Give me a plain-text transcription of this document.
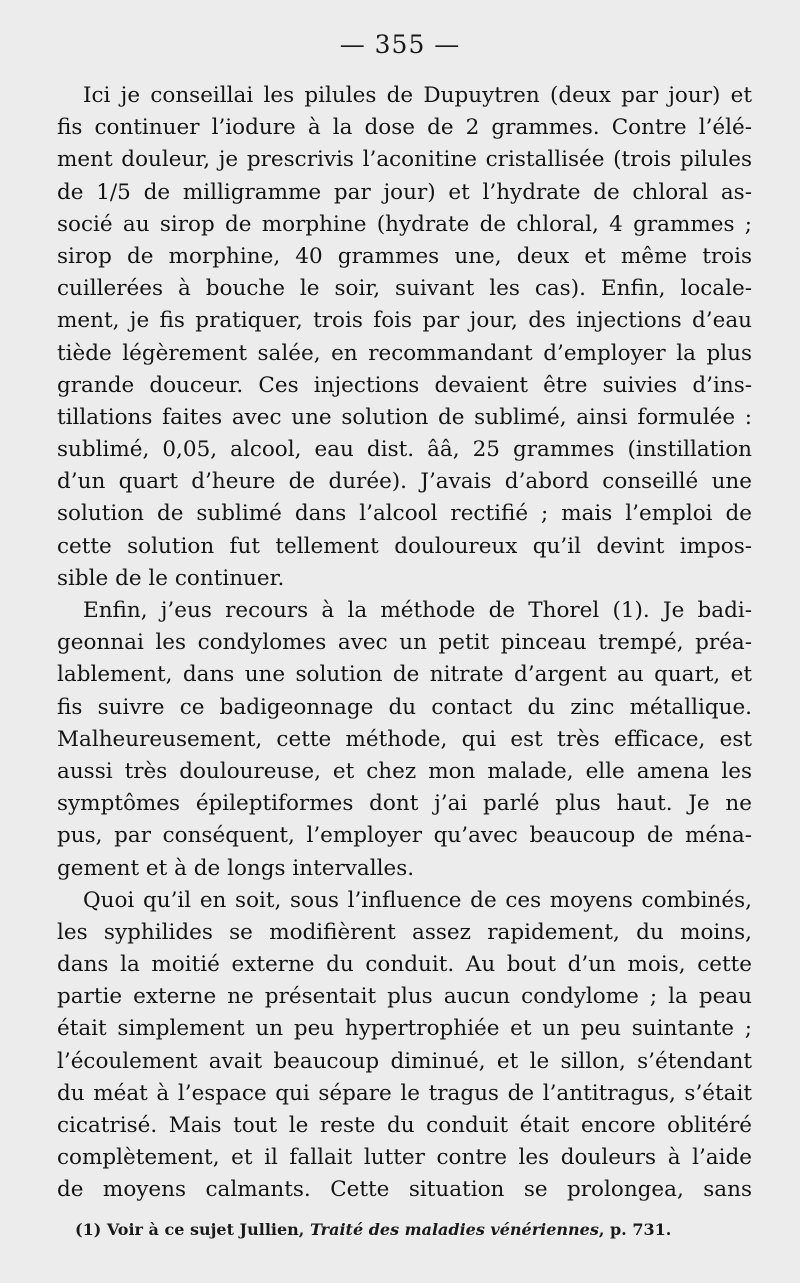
— 355 —
Ici je conseillai les pilules de Dupuytren (deux par jour) et
fis continuer l’iodure à la dose de 2 grammes. Contre l’élé-
ment douleur, je prescrivis l’aconitine cristallisée (trois pilules
de 1/5 de milligramme par jour) et l’hydrate de chloral as-
socié au sirop de morphine (hydrate de chloral, 4 grammes ;
sirop de morphine, 40 grammes une, deux et même trois
cuillerées à bouche le soir, suivant les cas). Enfin, locale-
ment, je fis pratiquer, trois fois par jour, des injections d’eau
tiède légèrement salée, en recommandant d’employer la plus
grande douceur. Ces injections devaient être suivies d’ins-
tillations faites avec une solution de sublimé, ainsi formulée :
sublimé, 0,05, alcool, eau dist. ââ, 25 grammes (instillation
d’un quart d’heure de durée). J’avais d’abord conseillé une
solution de sublimé dans l’alcool rectifié ; mais l’emploi de
cette solution fut tellement douloureux qu’il devint impos-
sible de le continuer.
Enfin, j’eus recours à la méthode de Thorel (1). Je badi-
geonnai les condylomes avec un petit pinceau trempé, préa-
lablement, dans une solution de nitrate d’argent au quart, et
fis suivre ce badigeonnage du contact du zinc métallique.
Malheureusement, cette méthode, qui est très efficace, est
aussi très douloureuse, et chez mon malade, elle amena les
symptômes épileptiformes dont j’ai parlé plus haut. Je ne
pus, par conséquent, l’employer qu’avec beaucoup de ména-
gement et à de longs intervalles.
Quoi qu’il en soit, sous l’influence de ces moyens combinés,
les syphilides se modifièrent assez rapidement, du moins,
dans la moitié externe du conduit. Au bout d’un mois, cette
partie externe ne présentait plus aucun condylome ; la peau
était simplement un peu hypertrophiée et un peu suintante ;
l’écoulement avait beaucoup diminué, et le sillon, s’étendant
du méat à l’espace qui sépare le tragus de l’antitragus, s’était
cicatrisé. Mais tout le reste du conduit était encore oblitéré
complètement, et il fallait lutter contre les douleurs à l’aide
de moyens calmants. Cette situation se prolongea, sans
(1) Voir à ce sujet Jullien, Traité des maladies vénériennes, p. 731.
